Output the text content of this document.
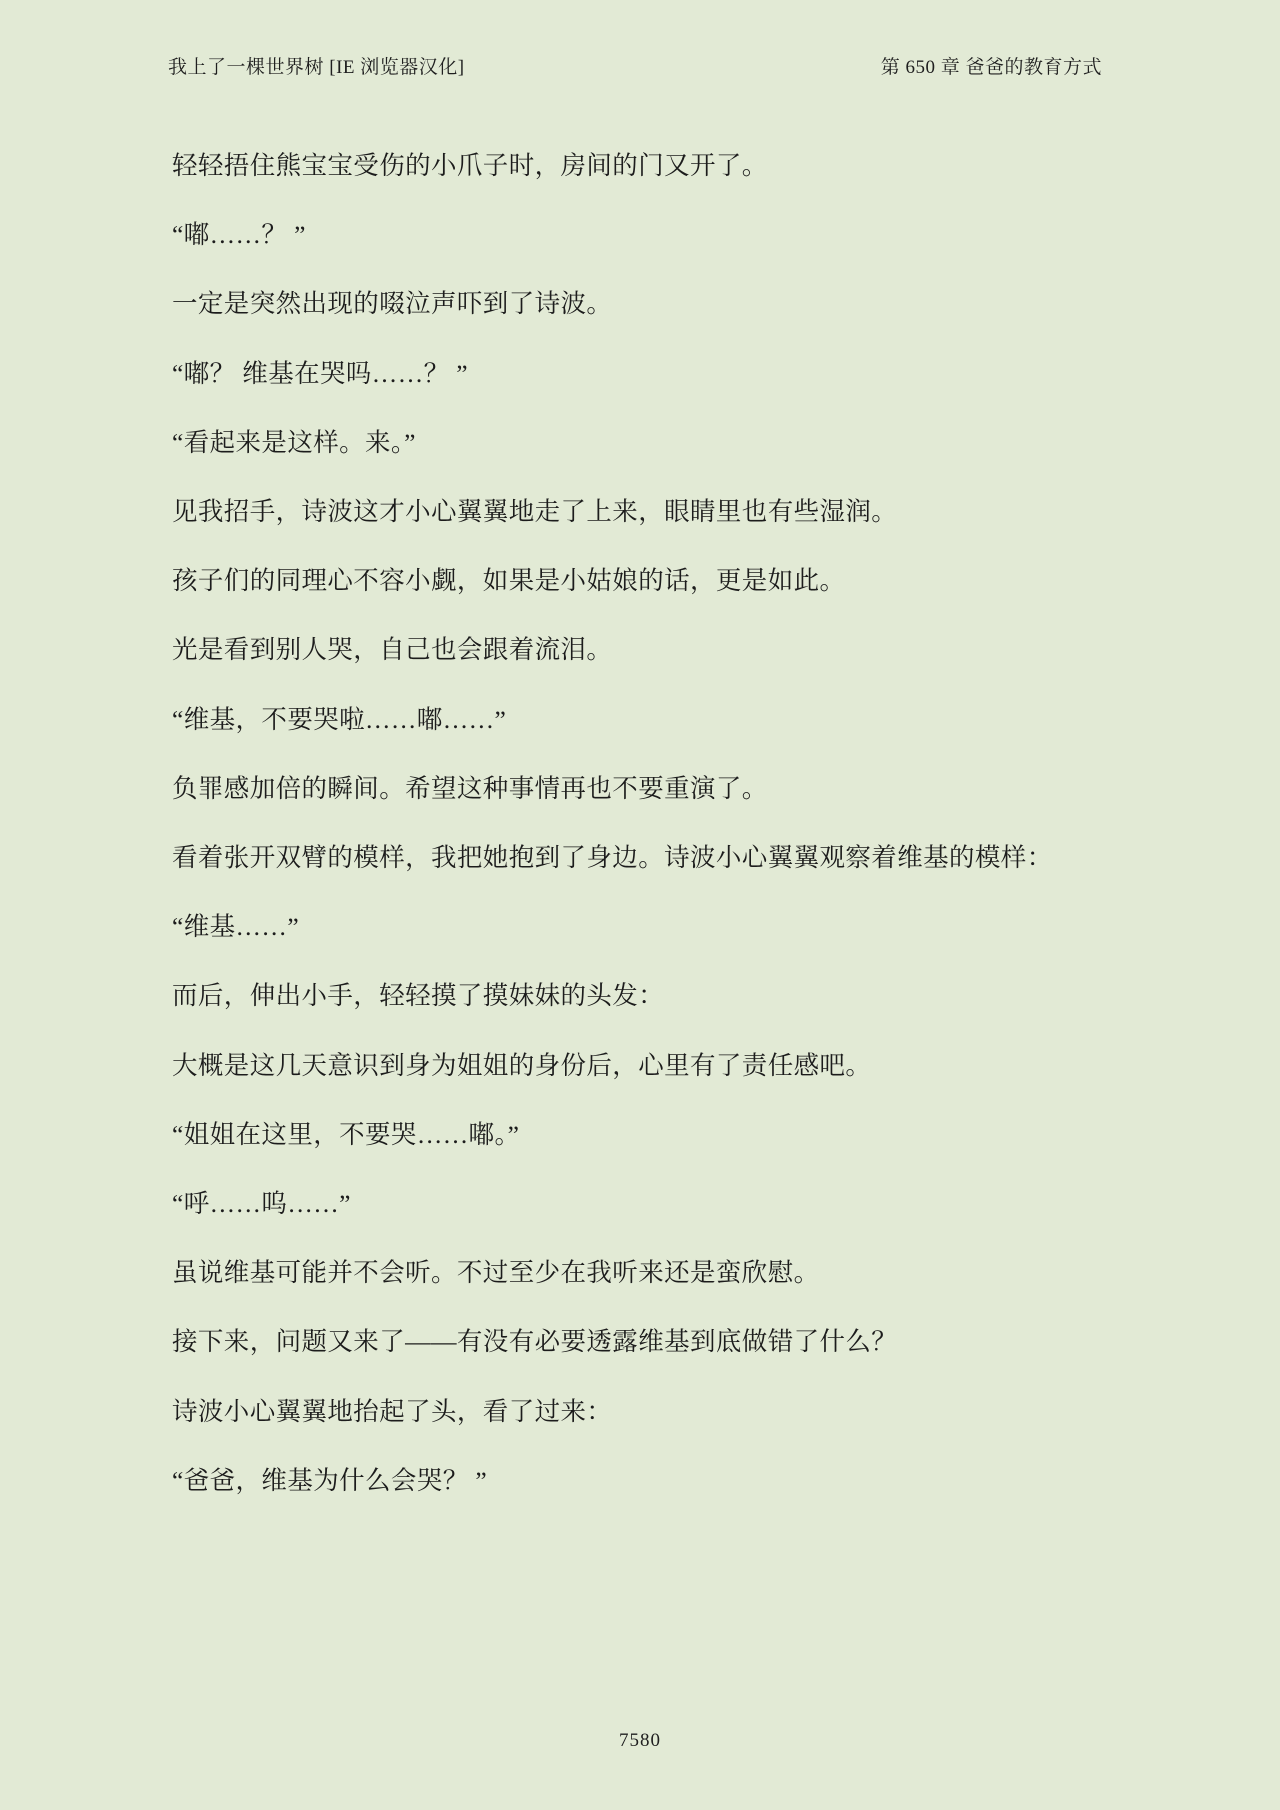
我上了一棵世界树 [IE 浏览器汉化]	第 650 章 爸爸的教育方式

轻轻捂住熊宝宝受伤的小爪子时，房间的门又开了。

“嘟……？ ”

一定是突然出现的啜泣声吓到了诗波。

“嘟？ 维基在哭吗……？ ”

“看起来是这样。来。”

见我招手，诗波这才小心翼翼地走了上来，眼睛里也有些湿润。

孩子们的同理心不容小觑，如果是小姑娘的话，更是如此。

光是看到别人哭，自己也会跟着流泪。

“维基，不要哭啦……嘟……”

负罪感加倍的瞬间。希望这种事情再也不要重演了。

看着张开双臂的模样，我把她抱到了身边。诗波小心翼翼观察着维基的模样：

“维基……”

而后，伸出小手，轻轻摸了摸妹妹的头发：

大概是这几天意识到身为姐姐的身份后，心里有了责任感吧。

“姐姐在这里，不要哭……嘟。”

“呼……呜……”

虽说维基可能并不会听。不过至少在我听来还是蛮欣慰。

接下来，问题又来了——有没有必要透露维基到底做错了什么？

诗波小心翼翼地抬起了头，看了过来：

“爸爸，维基为什么会哭？ ”

7580
